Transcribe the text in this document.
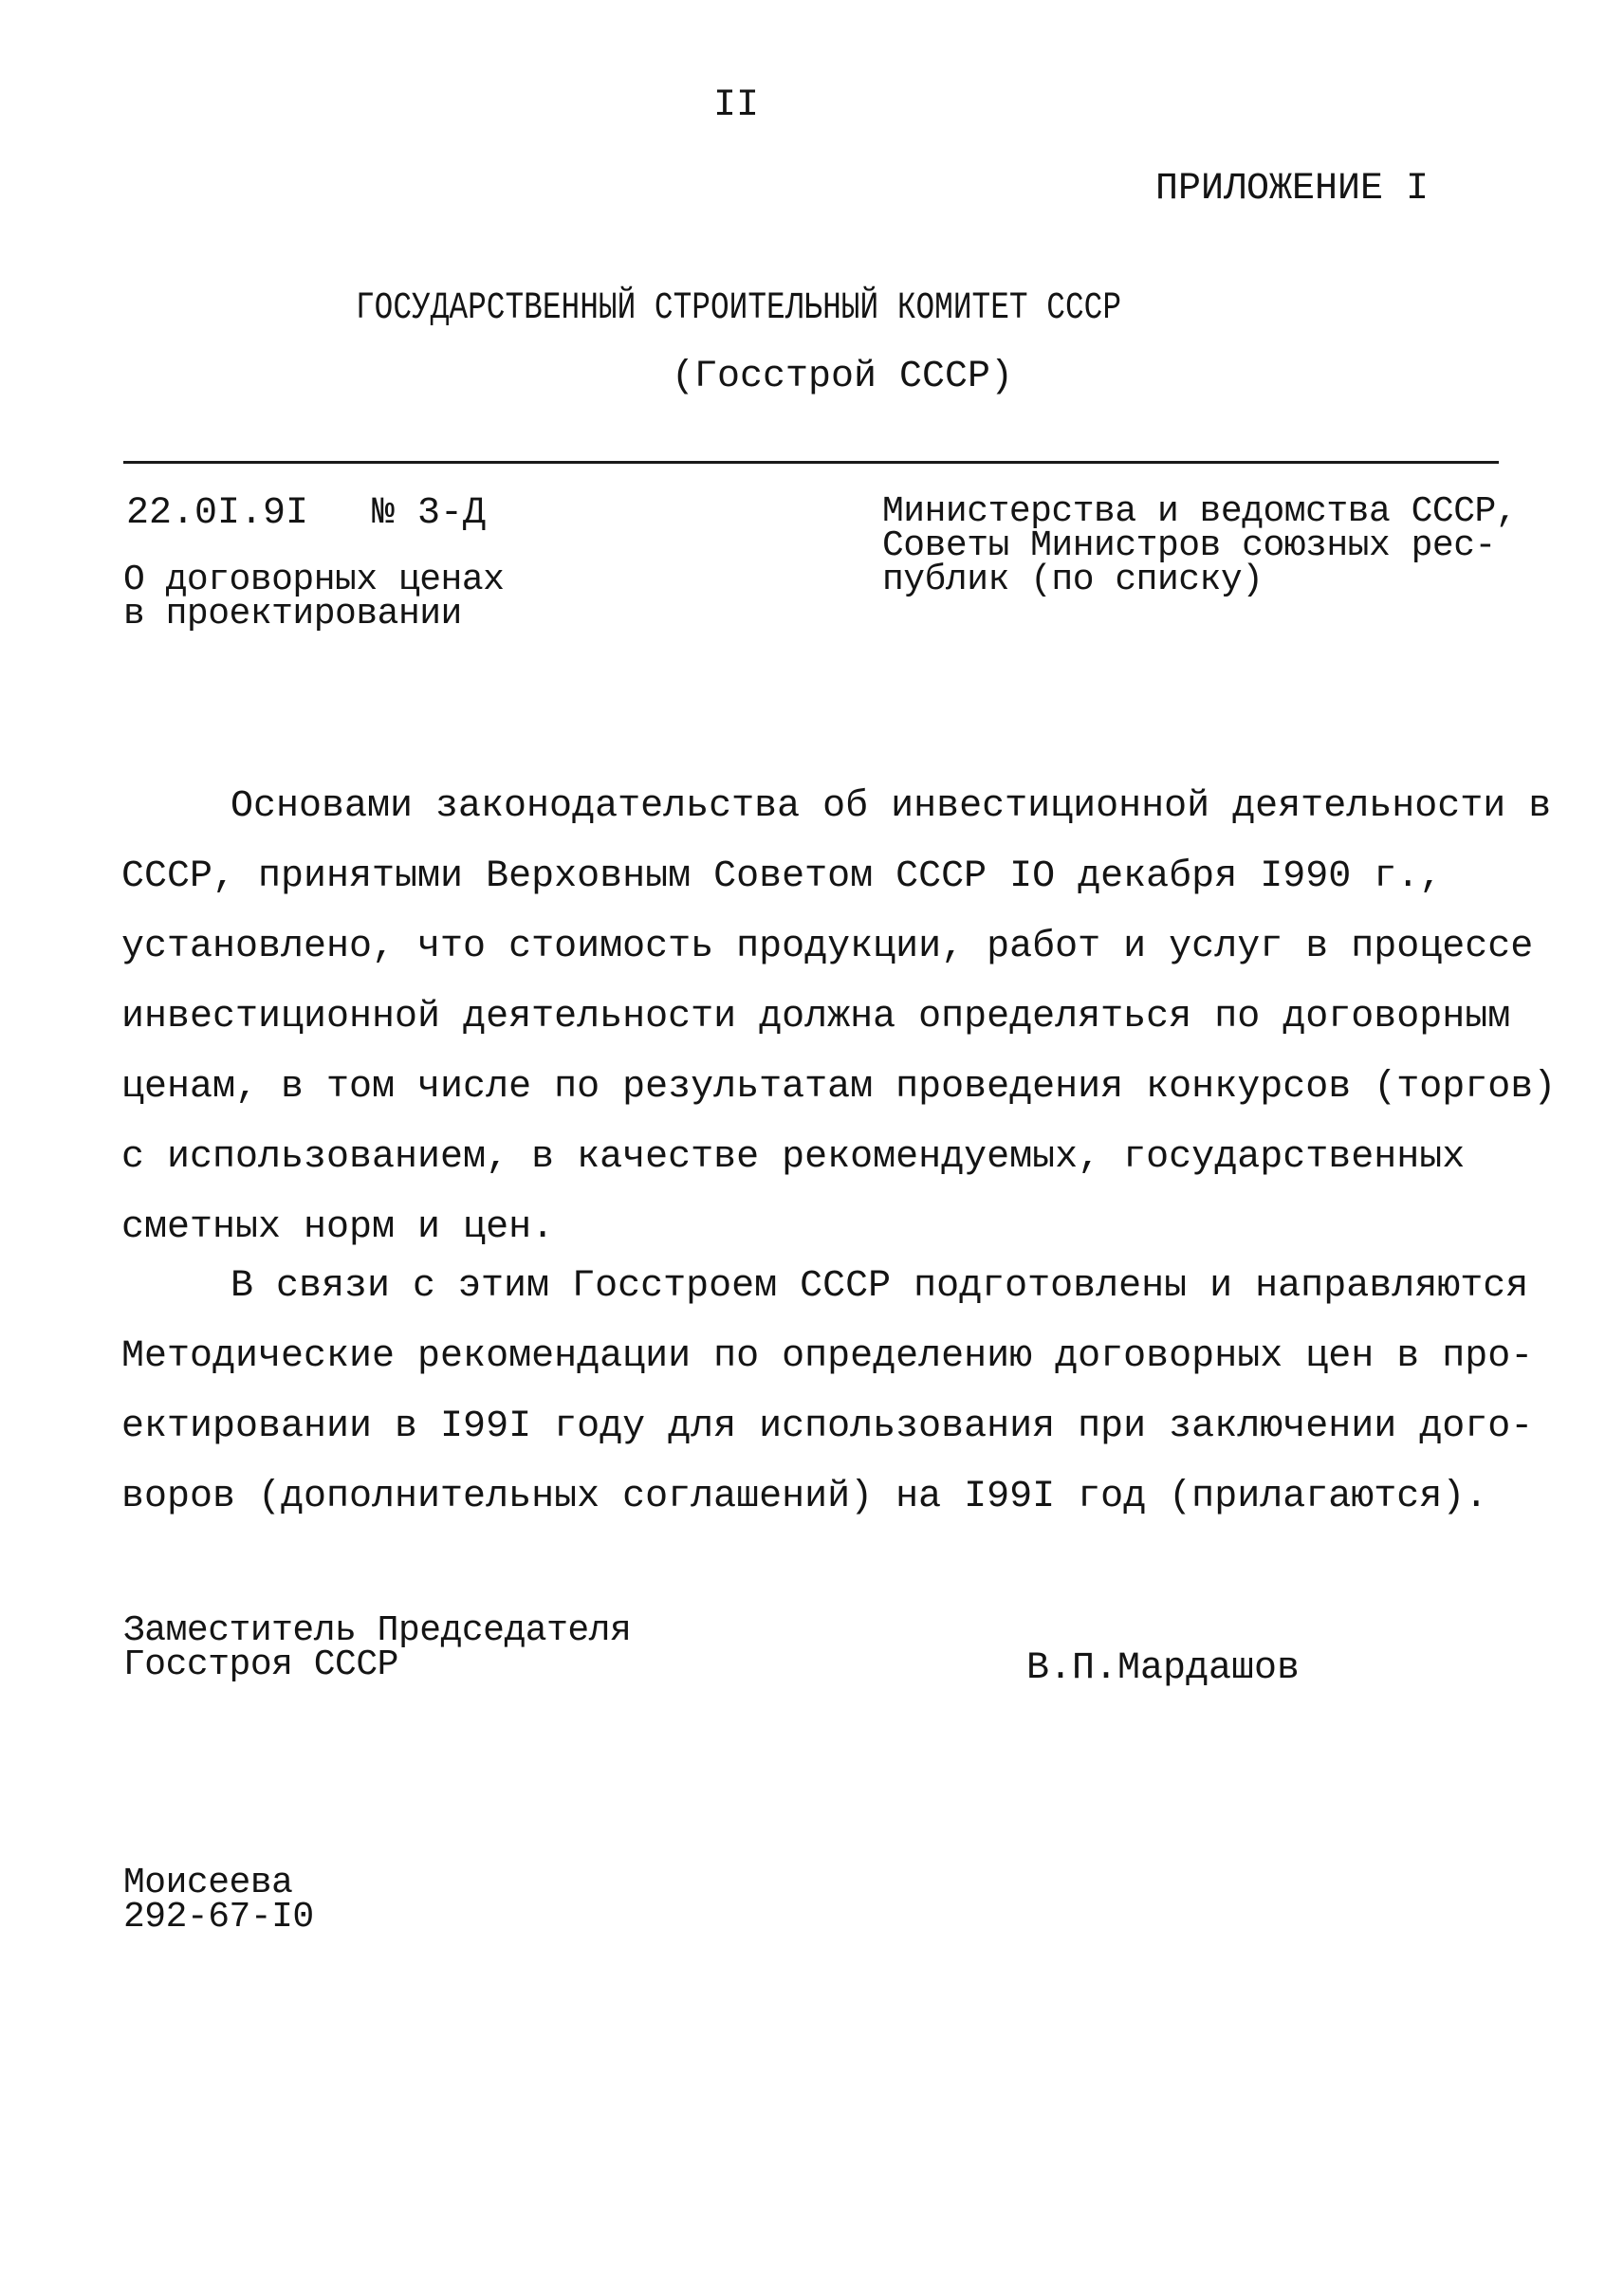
II
ПРИЛОЖЕНИЕ I
ГОСУДАРСТВЕННЫЙ СТРОИТЕЛЬНЫЙ КОМИТЕТ СССР
(Госстрой СССР)
22.0I.9I № 3-Д
О договорных ценах
в проектировании
Министерства и ведомства СССР,
Советы Министров союзных рес-
публик (по списку)
Основами законодательства об инвестиционной деятельности в
СССР, принятыми Верховным Советом СССР IO декабря I990 г.,
установлено, что стоимость продукции, работ и услуг в процессе
инвестиционной деятельности должна определяться по договорным
ценам, в том числе по результатам проведения конкурсов (торгов)
с использованием, в качестве рекомендуемых, государственных
сметных норм и цен.
В связи с этим Госстроем СССР подготовлены и направляются
Методические рекомендации по определению договорных цен в про-
ектировании в I99I году для использования при заключении дого-
воров (дополнительных соглашений) на I99I год (прилагаются).
Заместитель Председателя
Госстроя СССР	В.П.Мардашов
Моисеева
292-67-I0
